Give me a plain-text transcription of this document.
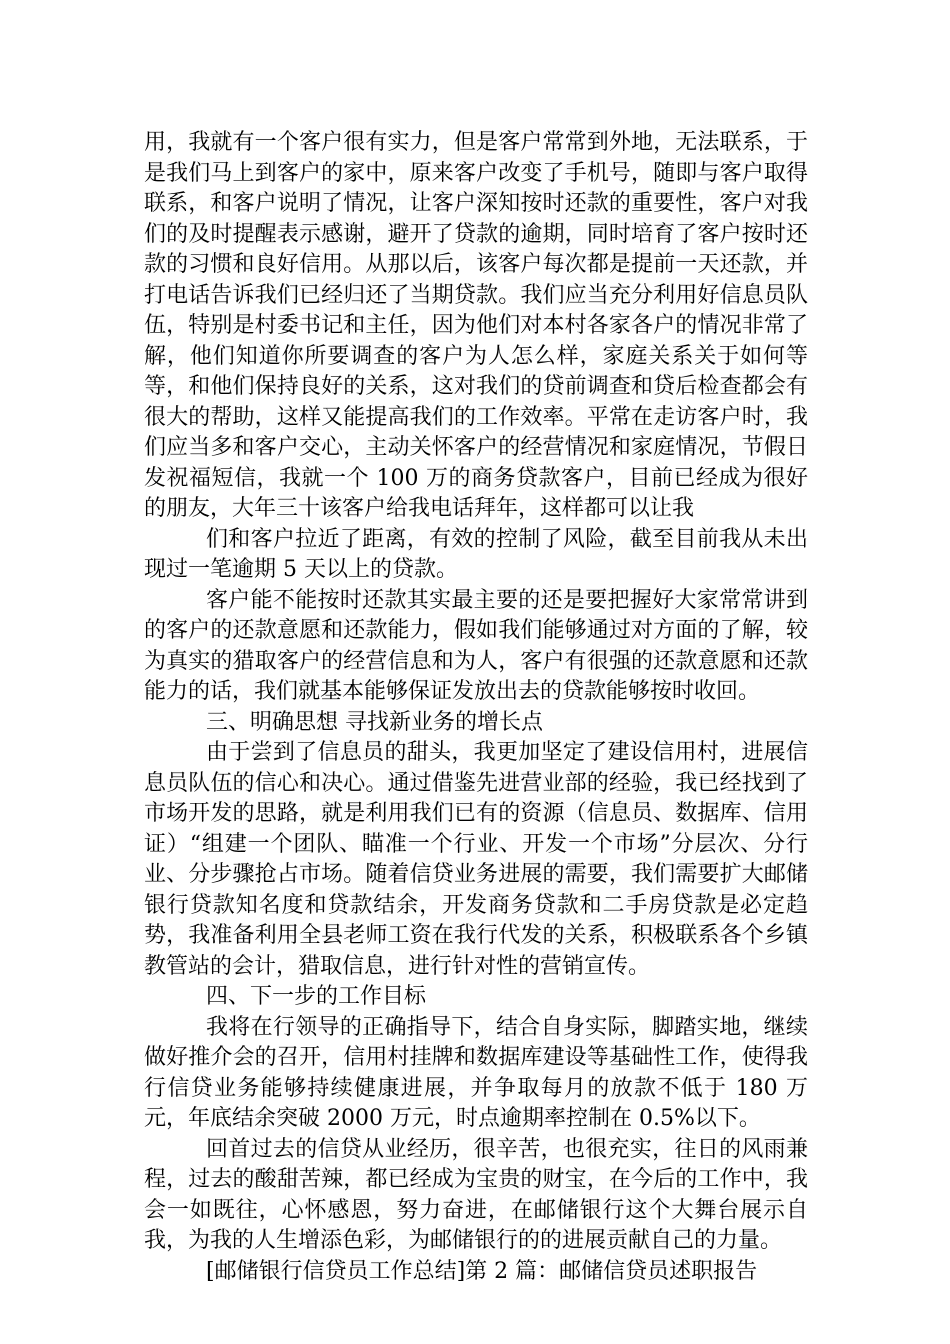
用，我就有一个客户很有实力，但是客户常常到外地，无法联系，于是我们马上到客户的家中，原来客户改变了手机号，随即与客户取得联系，和客户说明了情况，让客户深知按时还款的重要性，客户对我们的及时提醒表示感谢，避开了贷款的逾期，同时培育了客户按时还款的习惯和良好信用。从那以后，该客户每次都是提前一天还款，并打电话告诉我们已经归还了当期贷款。我们应当充分利用好信息员队伍，特别是村委书记和主任，因为他们对本村各家各户的情况非常了解，他们知道你所要调查的客户为人怎么样，家庭关系关于如何等等，和他们保持良好的关系，这对我们的贷前调查和贷后检查都会有很大的帮助，这样又能提高我们的工作效率。平常在走访客户时，我们应当多和客户交心，主动关怀客户的经营情况和家庭情况，节假日发祝福短信，我就一个 100 万的商务贷款客户，目前已经成为很好的朋友，大年三十该客户给我电话拜年，这样都可以让我

们和客户拉近了距离，有效的控制了风险，截至目前我从未出现过一笔逾期 5 天以上的贷款。

客户能不能按时还款其实最主要的还是要把握好大家常常讲到的客户的还款意愿和还款能力，假如我们能够通过对方面的了解，较为真实的猎取客户的经营信息和为人，客户有很强的还款意愿和还款能力的话，我们就基本能够保证发放出去的贷款能够按时收回。

三、明确思想 寻找新业务的增长点

由于尝到了信息员的甜头，我更加坚定了建设信用村，进展信息员队伍的信心和决心。通过借鉴先进营业部的经验，我已经找到了市场开发的思路，就是利用我们已有的资源（信息员、数据库、信用证）“组建一个团队、瞄准一个行业、开发一个市场”分层次、分行业、分步骤抢占市场。随着信贷业务进展的需要，我们需要扩大邮储银行贷款知名度和贷款结余，开发商务贷款和二手房贷款是必定趋势，我准备利用全县老师工资在我行代发的关系，积极联系各个乡镇教管站的会计，猎取信息，进行针对性的营销宣传。

四、下一步的工作目标

我将在行领导的正确指导下，结合自身实际，脚踏实地，继续做好推介会的召开，信用村挂牌和数据库建设等基础性工作，使得我行信贷业务能够持续健康进展，并争取每月的放款不低于 180 万元，年底结余突破 2000 万元，时点逾期率控制在 0.5%以下。

回首过去的信贷从业经历，很辛苦，也很充实，往日的风雨兼程，过去的酸甜苦辣，都已经成为宝贵的财宝，在今后的工作中，我会一如既往，心怀感恩，努力奋进，在邮储银行这个大舞台展示自我，为我的人生增添色彩，为邮储银行的的进展贡献自己的力量。

[邮储银行信贷员工作总结]第 2 篇：邮储信贷员述职报告
